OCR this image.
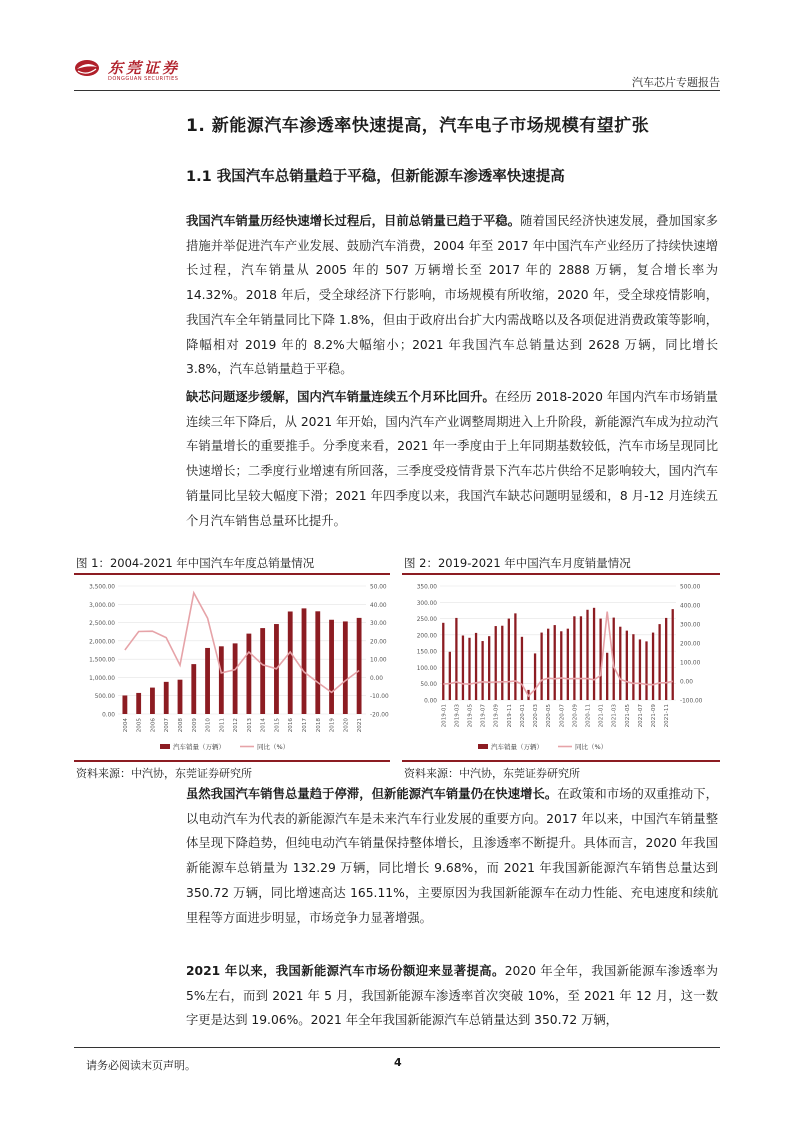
东莞证券
DONGGUAN SECURITIES	汽车芯片专题报告
1. 新能源汽车渗透率快速提高，汽车电子市场规模有望扩张
1.1 我国汽车总销量趋于平稳，但新能源车渗透率快速提高
我国汽车销量历经快速增长过程后，目前总销量已趋于平稳。随着国民经济快速发展，叠加国家多措施并举促进汽车产业发展、鼓励汽车消费，2004 年至 2017 年中国汽车产业经历了持续快速增长过程，汽车销量从 2005 年的 507 万辆增长至 2017 年的 2888 万辆，复合增长率为 14.32%。2018 年后，受全球经济下行影响，市场规模有所收缩，2020 年，受全球疫情影响，我国汽车全年销量同比下降 1.8%，但由于政府出台扩大内需战略以及各项促进消费政策等影响，降幅相对 2019 年的 8.2%大幅缩小；2021 年我国汽车总销量达到 2628 万辆，同比增长 3.8%，汽车总销量趋于平稳。
缺芯问题逐步缓解，国内汽车销量连续五个月环比回升。在经历 2018-2020 年国内汽车市场销量连续三年下降后，从 2021 年开始，国内汽车产业调整周期进入上升阶段，新能源汽车成为拉动汽车销量增长的重要推手。分季度来看，2021 年一季度由于上年同期基数较低，汽车市场呈现同比快速增长；二季度行业增速有所回落，三季度受疫情背景下汽车芯片供给不足影响较大，国内汽车销量同比呈较大幅度下滑；2021 年四季度以来，我国汽车缺芯问题明显缓和，8 月-12 月连续五个月汽车销售总量环比提升。
图 1：2004-2021 年中国汽车年度总销量情况
0.00
500.00
1,000.00
1,500.00
2,000.00
2,500.00
3,000.00
3,500.00
-20.00
-10.00
0.00
10.00
20.00
30.00
40.00
50.00
2004 2005 2006 2007 2008 2009 2010 2011 2012 2013 2014 2015 2016 2017 2018 2019 2020 2021
汽车销量（万辆）	同比（%）
资料来源：中汽协，东莞证券研究所
图 2：2019-2021 年中国汽车月度销量情况
0.00
50.00
100.00
150.00
200.00
250.00
300.00
350.00
-100.00
0.00
100.00
200.00
300.00
400.00
500.00
2019-01 2019-03 2019-05 2019-07 2019-09 2019-11 2020-01 2020-03 2020-05 2020-07 2020-09 2020-11 2021-01 2021-03 2021-05 2021-07 2021-09 2021-11
汽车销量（万辆）	同比（%）
资料来源：中汽协，东莞证券研究所
虽然我国汽车销售总量趋于停滞，但新能源汽车销量仍在快速增长。在政策和市场的双重推动下，以电动汽车为代表的新能源汽车是未来汽车行业发展的重要方向。2017 年以来，中国汽车销量整体呈现下降趋势，但纯电动汽车销量保持整体增长，且渗透率不断提升。具体而言，2020 年我国新能源车总销量为 132.29 万辆，同比增长 9.68%，而 2021 年我国新能源汽车销售总量达到 350.72 万辆，同比增速高达 165.11%，主要原因为我国新能源车在动力性能、充电速度和续航里程等方面进步明显，市场竞争力显著增强。
2021 年以来，我国新能源汽车市场份额迎来显著提高。2020 年全年，我国新能源车渗透率为 5%左右，而到 2021 年 5 月，我国新能源车渗透率首次突破 10%，至 2021 年 12 月，这一数字更是达到 19.06%。2021 年全年我国新能源汽车总销量达到 350.72 万辆，
请务必阅读末页声明。	4
